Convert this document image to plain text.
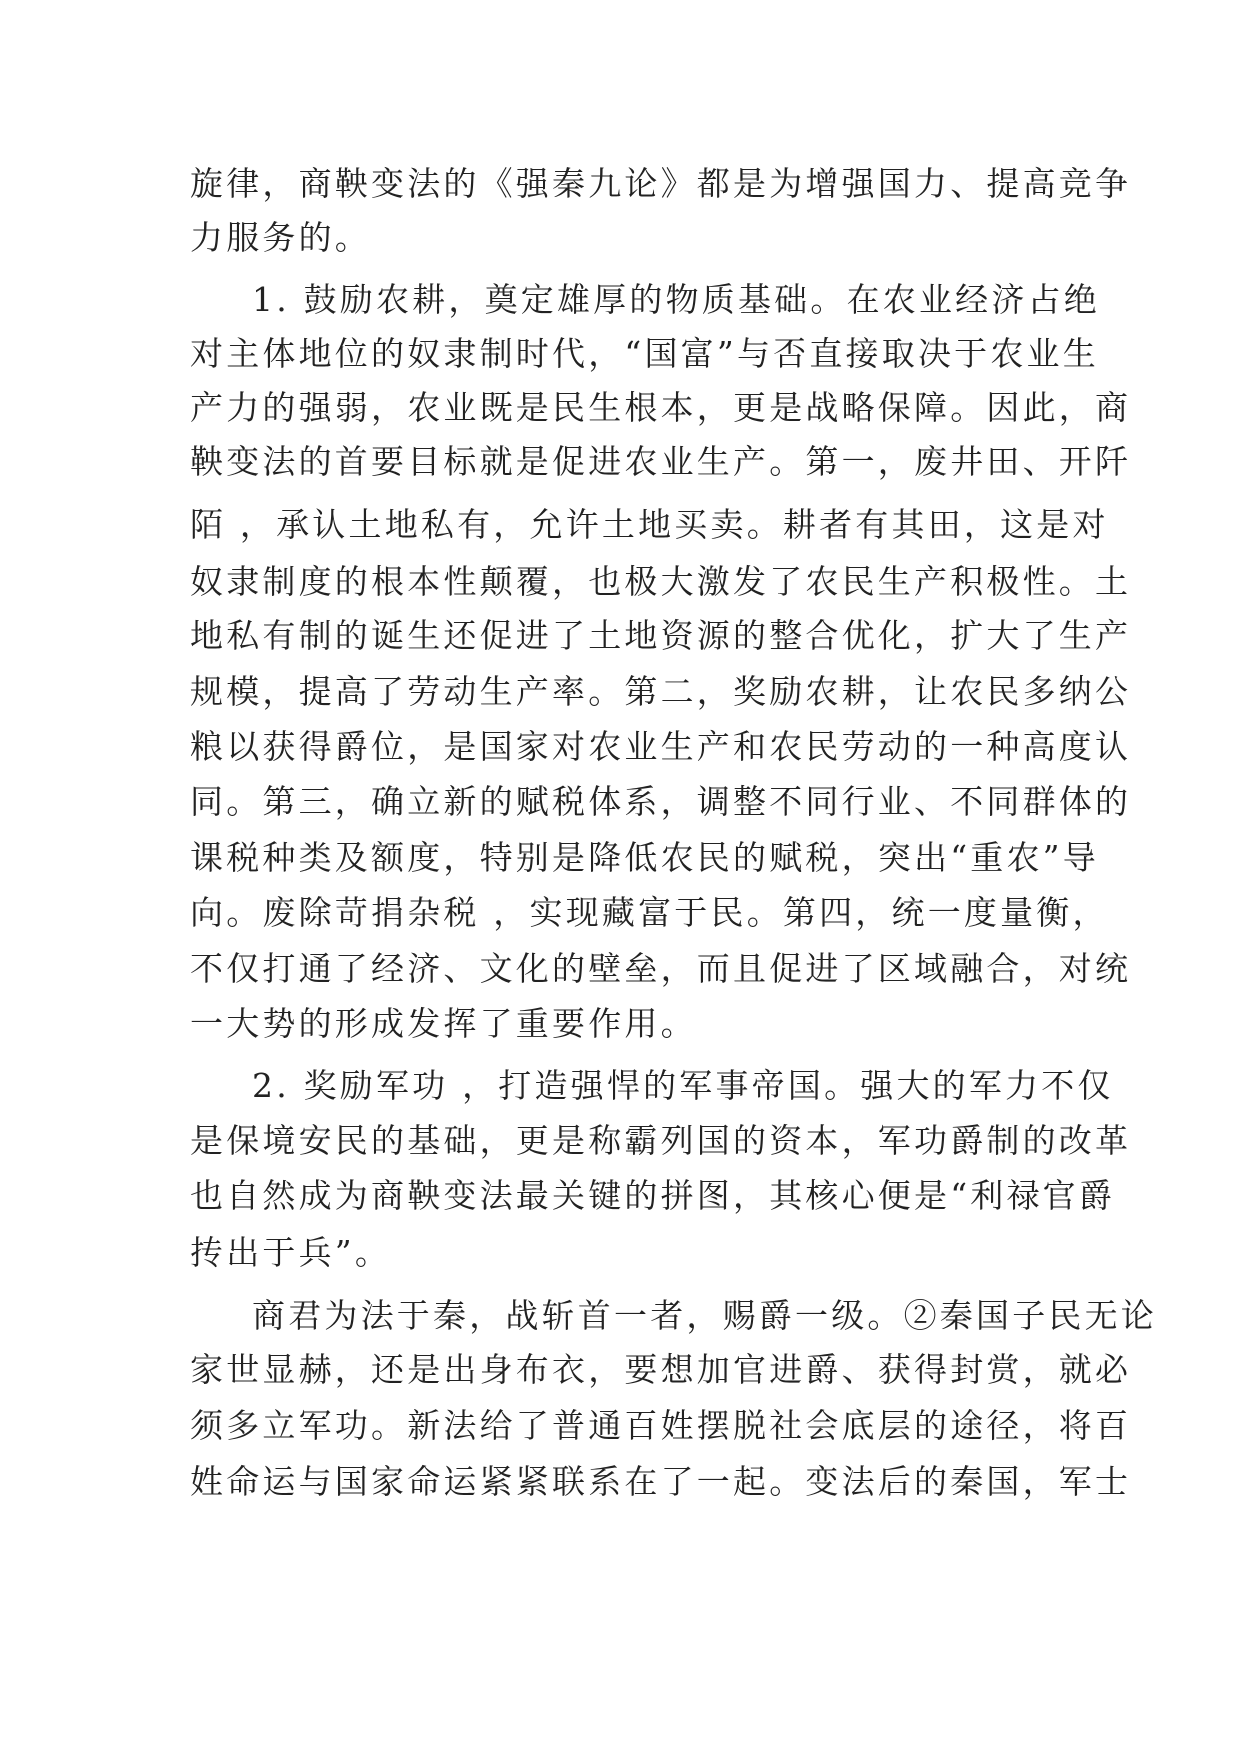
旋律，商鞅变法的《强秦九论》都是为增强国力、提高竞争
力服务的。
1. 鼓励农耕，奠定雄厚的物质基础。在农业经济占绝
对主体地位的奴隶制时代，“国富”与否直接取决于农业生
产力的强弱，农业既是民生根本，更是战略保障。因此，商
鞅变法的首要目标就是促进农业生产。第一，废井田、开阡
陌 ，承认土地私有，允许土地买卖。耕者有其田，这是对
奴隶制度的根本性颠覆，也极大激发了农民生产积极性。土
地私有制的诞生还促进了土地资源的整合优化，扩大了生产
规模，提高了劳动生产率。第二，奖励农耕，让农民多纳公
粮以获得爵位，是国家对农业生产和农民劳动的一种高度认
同。第三，确立新的赋税体系，调整不同行业、不同群体的
课税种类及额度，特别是降低农民的赋税，突出“重农”导
向。废除苛捐杂税 ，实现藏富于民。第四，统一度量衡，
不仅打通了经济、文化的壁垒，而且促进了区域融合，对统
一大势的形成发挥了重要作用。
2. 奖励军功 ，打造强悍的军事帝国。强大的军力不仅
是保境安民的基础，更是称霸列国的资本，军功爵制的改革
也自然成为商鞅变法最关键的拼图，其核心便是“利禄官爵
抟出于兵”。
商君为法于秦，战斩首一者，赐爵一级。②秦国子民无论
家世显赫，还是出身布衣，要想加官进爵、获得封赏，就必
须多立军功。新法给了普通百姓摆脱社会底层的途径，将百
姓命运与国家命运紧紧联系在了一起。变法后的秦国，军士
